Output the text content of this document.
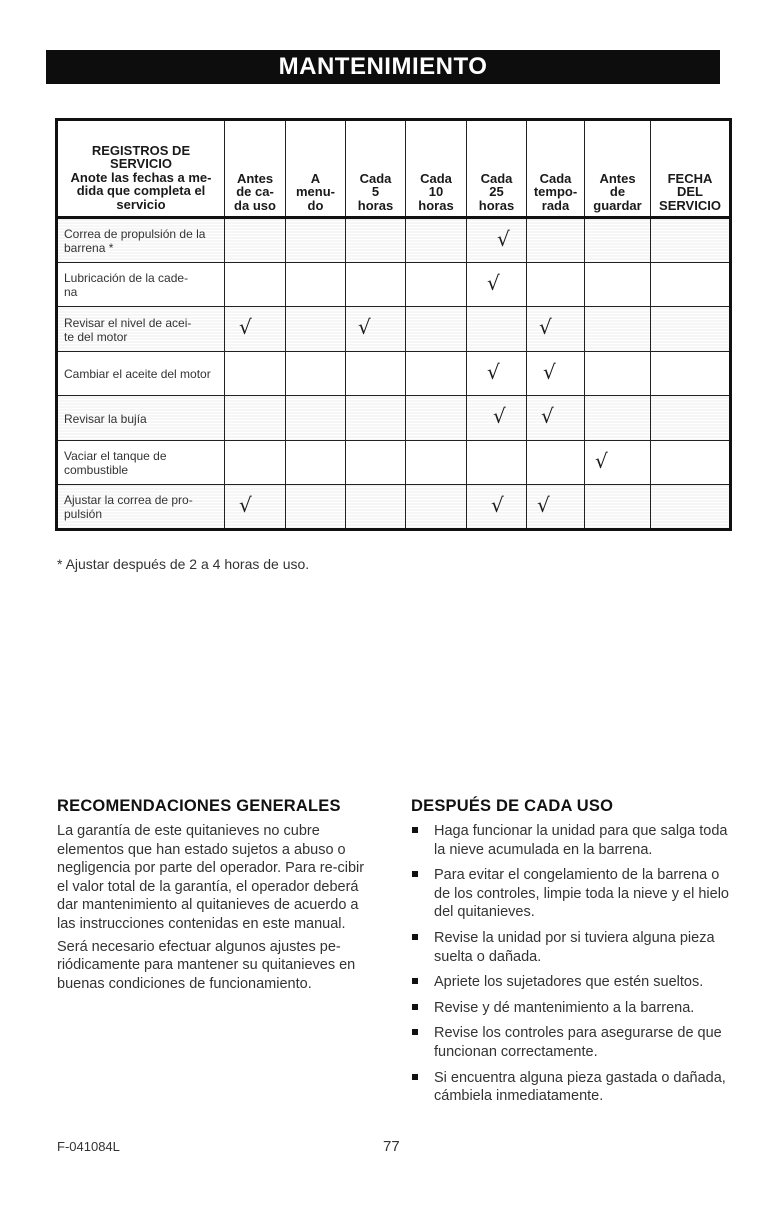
MANTENIMIENTO
REGISTROS DE
SERVICIO
Anote las fechas a me-
dida que completa el
servicio	Antes
de ca-
da uso	A
menu-
do	Cada
5
horas	Cada
10
horas	Cada
25
horas	Cada
tempo-
rada	Antes
de
guardar	FECHA
DEL
SERVICIO
Correa de propulsión de la barrena *					√			

Lubricación de la cade-
na					√			

Revisar el nivel de acei-
te del motor	√		√			√		

Cambiar el aceite del motor					√	√		

Revisar la bujía					√	√		

Vaciar el tanque de combustible							√	

Ajustar la correa de pro-
pulsión	√				√	√		

* Ajustar después de 2 a 4 horas de uso.
RECOMENDACIONES GENERALES

La garantía de este quitanieves no cubre elementos que han estado sujetos a abuso o negligencia por parte del operador. Para re-cibir el valor total de la garantía, el operador deberá dar mantenimiento al quitanieves de acuerdo a las instrucciones contenidas en este manual.

Será necesario efectuar algunos ajustes pe-riódicamente para mantener su quitanieves en buenas condiciones de funcionamiento.

DESPUÉS DE CADA USO
Haga funcionar la unidad para que salga toda la nieve acumulada en la barrena.
Para evitar el congelamiento de la barrena o de los controles, limpie toda la nieve y el hielo del quitanieves.
Revise la unidad por si tuviera alguna pieza suelta o dañada.
Apriete los sujetadores que estén sueltos.
Revise y dé mantenimiento a la barrena.
Revise los controles para asegurarse de que funcionan correctamente.
Si encuentra alguna pieza gastada o dañada, cámbiela inmediatamente.
F-041084L	77
